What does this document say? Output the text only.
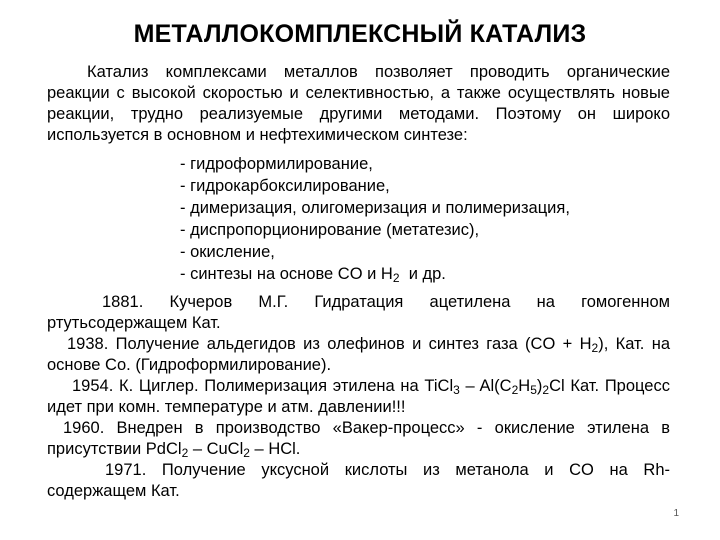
МЕТАЛЛОКОМПЛЕКСНЫЙ КАТАЛИЗ
Катализ комплексами металлов позволяет проводить органические реакции с высокой скоростью и селективностью, а также осуществлять новые реакции, трудно реализуемые другими методами. Поэтому он широко используется в основном и нефтехимическом синтезе:
- гидроформилирование,
- гидрокарбоксилирование,
- димеризация, олигомеризация и полимеризация,
- диспропорционирование (метатезис),
- окисление,
- синтезы на основе CO и $H_2$  и др.

1881. Кучеров М.Г. Гидратация ацетилена на гомогенном ртутьсодержащем Кат.

1938. Получение альдегидов из олефинов и синтез газа $(CO + H_2)$, Кат. на основе Co. (Гидроформилирование).

1954. К. Циглер. Полимеризация этилена на TiCl$_3$ – $Al(C_2H_5)_2Cl$ Кат. Процесс идет при комн. температуре и атм. давлении!!!

1960. Внедрен в производство «Вакер-процесс» - окисление этилена в присутствии PdCl$_2$ – CuCl$_2$ – HCl.

1971. Получение уксусной кислоты из метанола и CO на Rh-содержащем Кат.

1
